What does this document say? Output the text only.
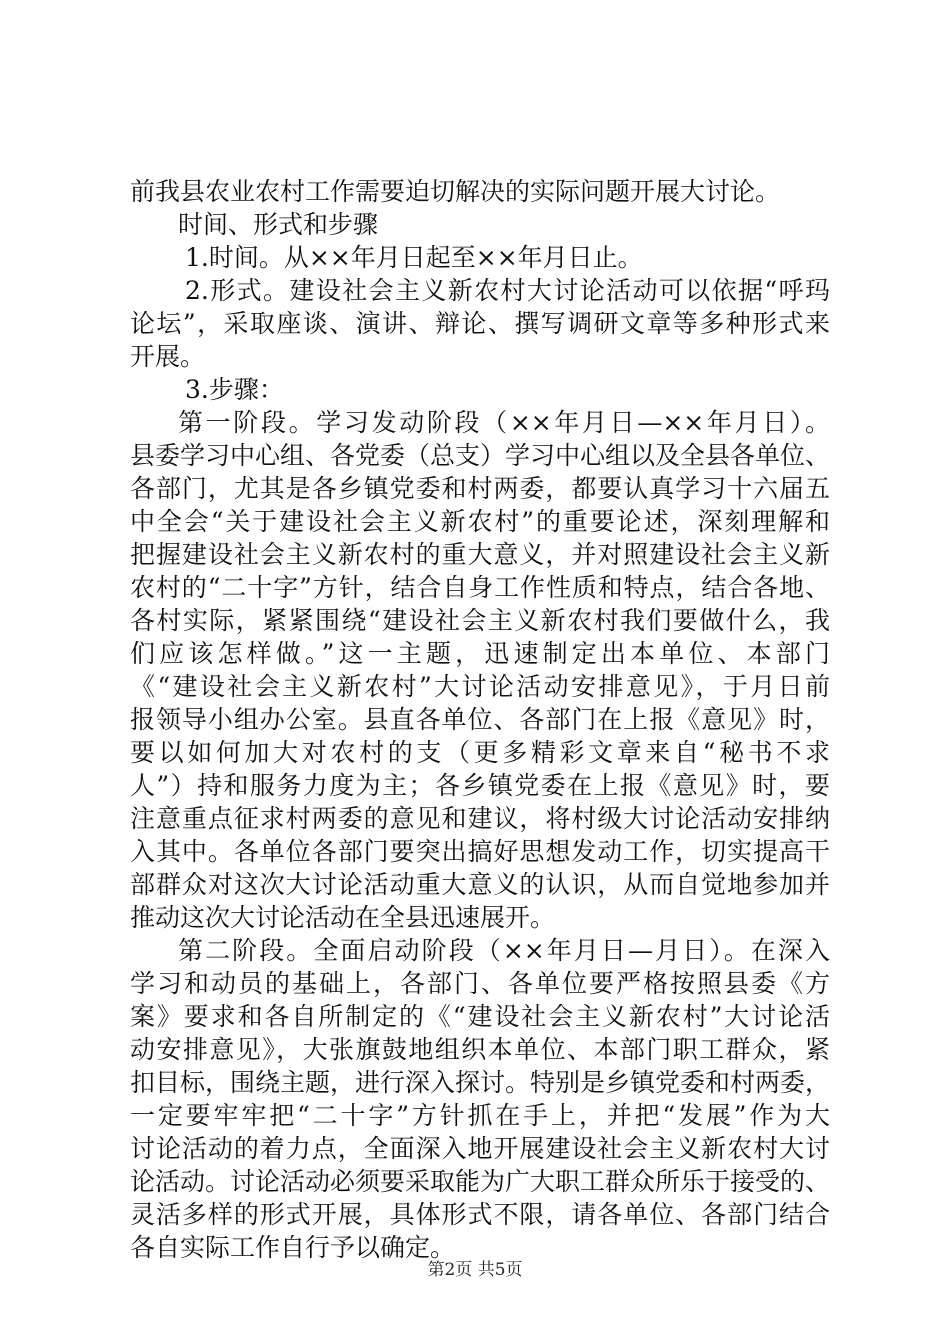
前我县农业农村工作需要迫切解决的实际问题开展大讨论。
时间、形式和步骤
1.时间。从××年月日起至××年月日止。
2.形式。建设社会主义新农村大讨论活动可以依据“呼玛
论坛”，采取座谈、演讲、辩论、撰写调研文章等多种形式来
开展。
3.步骤：
第一阶段。学习发动阶段（××年月日—××年月日）。
县委学习中心组、各党委（总支）学习中心组以及全县各单位、
各部门，尤其是各乡镇党委和村两委，都要认真学习十六届五
中全会“关于建设社会主义新农村”的重要论述，深刻理解和
把握建设社会主义新农村的重大意义，并对照建设社会主义新
农村的“二十字”方针，结合自身工作性质和特点，结合各地、
各村实际，紧紧围绕“建设社会主义新农村我们要做什么，我
们应该怎样做。”这一主题，迅速制定出本单位、本部门
《“建设社会主义新农村”大讨论活动安排意见》，于月日前
报领导小组办公室。县直各单位、各部门在上报《意见》时，
要以如何加大对农村的支（更多精彩文章来自“秘书不求
人”）持和服务力度为主；各乡镇党委在上报《意见》时，要
注意重点征求村两委的意见和建议，将村级大讨论活动安排纳
入其中。各单位各部门要突出搞好思想发动工作，切实提高干
部群众对这次大讨论活动重大意义的认识，从而自觉地参加并
推动这次大讨论活动在全县迅速展开。
第二阶段。全面启动阶段（××年月日—月日）。在深入
学习和动员的基础上，各部门、各单位要严格按照县委《方
案》要求和各自所制定的《“建设社会主义新农村”大讨论活
动安排意见》，大张旗鼓地组织本单位、本部门职工群众，紧
扣目标，围绕主题，进行深入探讨。特别是乡镇党委和村两委，
一定要牢牢把“二十字”方针抓在手上，并把“发展”作为大
讨论活动的着力点，全面深入地开展建设社会主义新农村大讨
论活动。讨论活动必须要采取能为广大职工群众所乐于接受的、
灵活多样的形式开展，具体形式不限，请各单位、各部门结合
各自实际工作自行予以确定。
第2页 共5页
